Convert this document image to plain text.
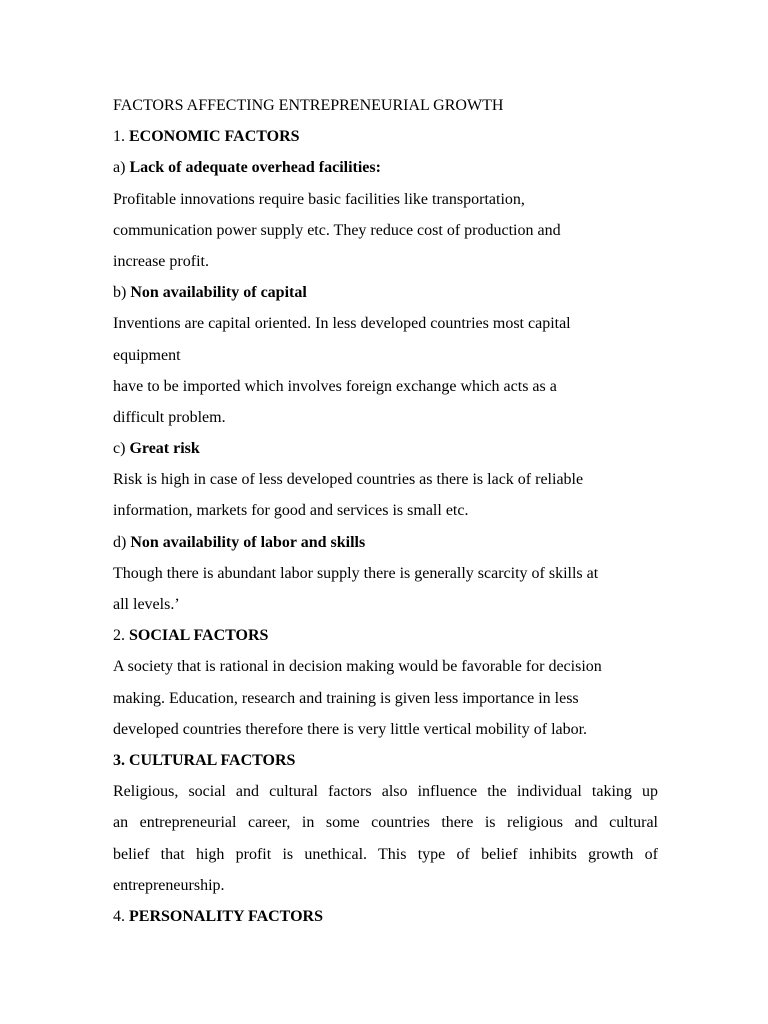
FACTORS AFFECTING ENTREPRENEURIAL GROWTH
1. ECONOMIC FACTORS
a) Lack of adequate overhead facilities:
Profitable innovations require basic facilities like transportation,
communication power supply etc. They reduce cost of production and
increase profit.
b) Non availability of capital
Inventions are capital oriented. In less developed countries most capital
equipment
have to be imported which involves foreign exchange which acts as a
difficult problem.
c) Great risk
Risk is high in case of less developed countries as there is lack of reliable
information, markets for good and services is small etc.
d) Non availability of labor and skills
Though there is abundant labor supply there is generally scarcity of skills at
all levels.’
2. SOCIAL FACTORS
A society that is rational in decision making would be favorable for decision
making. Education, research and training is given less importance in less
developed countries therefore there is very little vertical mobility of labor.
3. CULTURAL FACTORS
Religious, social and cultural factors also influence the individual taking up
an entrepreneurial career, in some countries there is religious and cultural
belief that high profit is unethical. This type of belief inhibits growth of
entrepreneurship.
4. PERSONALITY FACTORS
